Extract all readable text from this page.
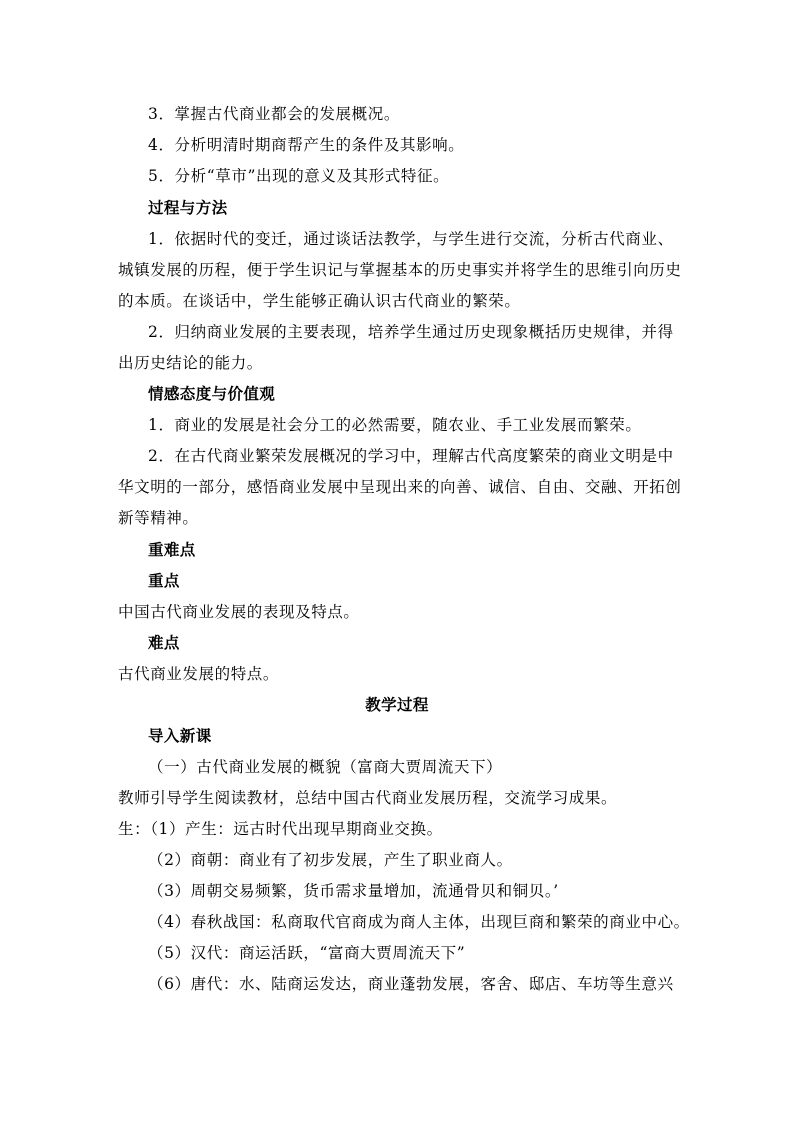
3．掌握古代商业都会的发展概况。
4．分析明清时期商帮产生的条件及其影响。
5．分析“草市”出现的意义及其形式特征。
过程与方法
1．依据时代的变迁，通过谈话法教学，与学生进行交流，分析古代商业、
城镇发展的历程，便于学生识记与掌握基本的历史事实并将学生的思维引向历史
的本质。在谈话中，学生能够正确认识古代商业的繁荣。
2．归纳商业发展的主要表现，培养学生通过历史现象概括历史规律，并得
出历史结论的能力。
情感态度与价值观
1．商业的发展是社会分工的必然需要，随农业、手工业发展而繁荣。
2．在古代商业繁荣发展概况的学习中，理解古代高度繁荣的商业文明是中
华文明的一部分，感悟商业发展中呈现出来的向善、诚信、自由、交融、开拓创
新等精神。
重难点
重点
中国古代商业发展的表现及特点。
难点
古代商业发展的特点。
教学过程
导入新课
（一）古代商业发展的概貌（富商大贾周流天下）
教师引导学生阅读教材，总结中国古代商业发展历程，交流学习成果。
生：（1）产生：远古时代出现早期商业交换。
（2）商朝：商业有了初步发展，产生了职业商人。
（3）周朝交易频繁，货币需求量增加，流通骨贝和铜贝。’
（4）春秋战国：私商取代官商成为商人主体，出现巨商和繁荣的商业中心。
（5）汉代：商运活跃，“富商大贾周流天下”
（6）唐代：水、陆商运发达，商业蓬勃发展，客舍、邸店、车坊等生意兴
